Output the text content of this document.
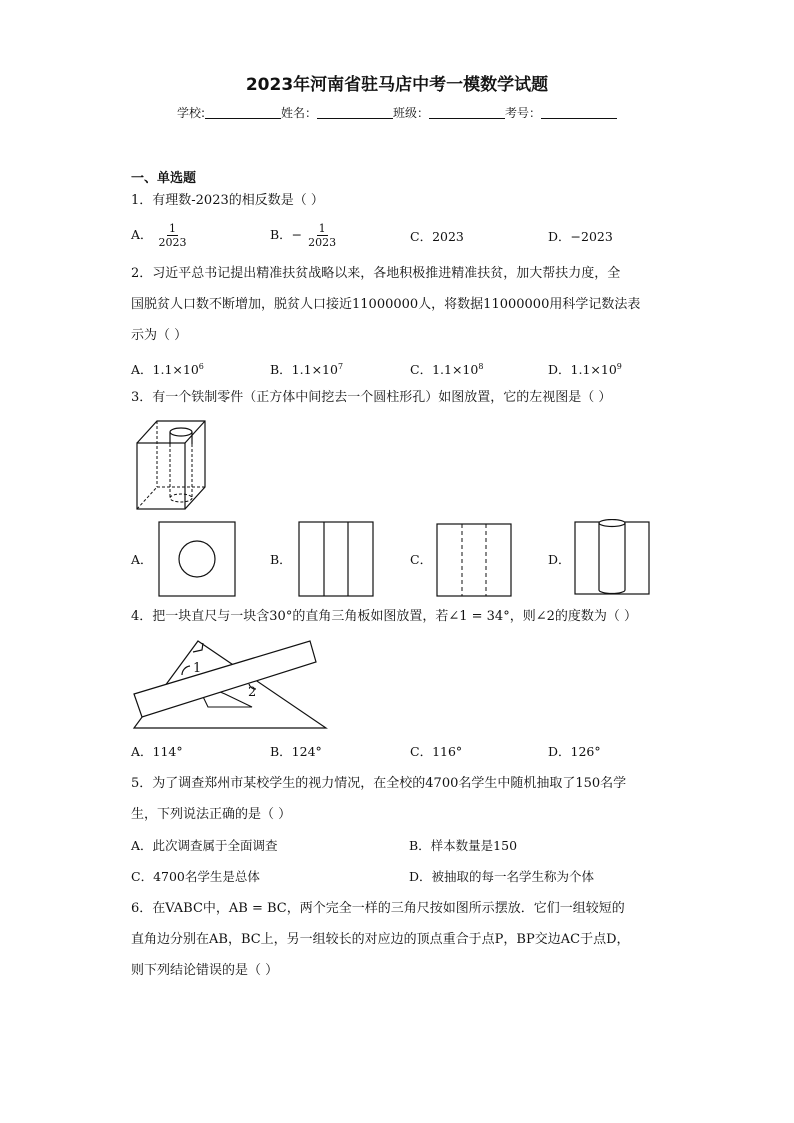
2023年河南省驻马店中考一模数学试题
学校:	姓名：	班级：	考号：
一、单选题
1．有理数-2023的相反数是（ ）
A． $\frac{1}{2023}$	B．− $\frac{1}{2023}$	C．2023	D．−2023
2．习近平总书记提出精准扶贫战略以来，各地积极推进精准扶贫，加大帮扶力度，全
国脱贫人口数不断增加，脱贫人口接近11000000人，将数据11000000用科学记数法表
示为（ ）
A．$1.1\times 10^6$	B．$1.1\times 10^7$	C．$1.1\times 10^8$	D．$1.1\times 10^9$
3．有一个铁制零件（正方体中间挖去一个圆柱形孔）如图放置，它的左视图是（ ）
A．	B．	C．	D．
4．把一块直尺与一块含30°的直角三角板如图放置，若∠1 = 34°，则∠2的度数为（ ）
1
2
A．114°	B．124°	C．116°	D．126°
5．为了调查郑州市某校学生的视力情况，在全校的4700名学生中随机抽取了150名学
生，下列说法正确的是（ ）
A．此次调查属于全面调查	B．样本数量是150
C．4700名学生是总体	D．被抽取的每一名学生称为个体
6．在VABC中，AB = BC，两个完全一样的三角尺按如图所示摆放．它们一组较短的
直角边分别在AB，BC上，另一组较长的对应边的顶点重合于点P，BP交边AC于点D，
则下列结论错误的是（ ）
